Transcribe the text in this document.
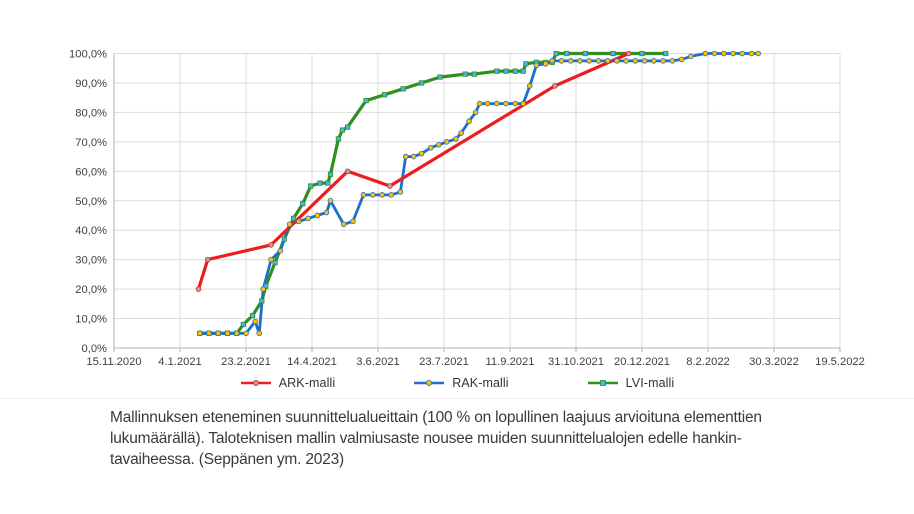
15.11.2020 4.1.2021 23.2.2021 14.4.2021 3.6.2021 23.7.2021 11.9.2021 31.10.2021 20.12.2021 8.2.2022 30.3.2022 19.5.2022
0,0%
10,0%
20,0%
30,0%
40,0%
50,0%
60,0%
70,0%
80,0%
90,0%
100,0%
ARK-malli	RAK-malli	LVI-malli
Mallinnuksen eteneminen suunnittelualueittain (100 % on lopullinen laajuus arvioituna elementtien
lukumäärällä). Taloteknisen mallin valmiusaste nousee muiden suunnittelualojen edelle hankin-
tavaiheessa. (Seppänen ym. 2023)
